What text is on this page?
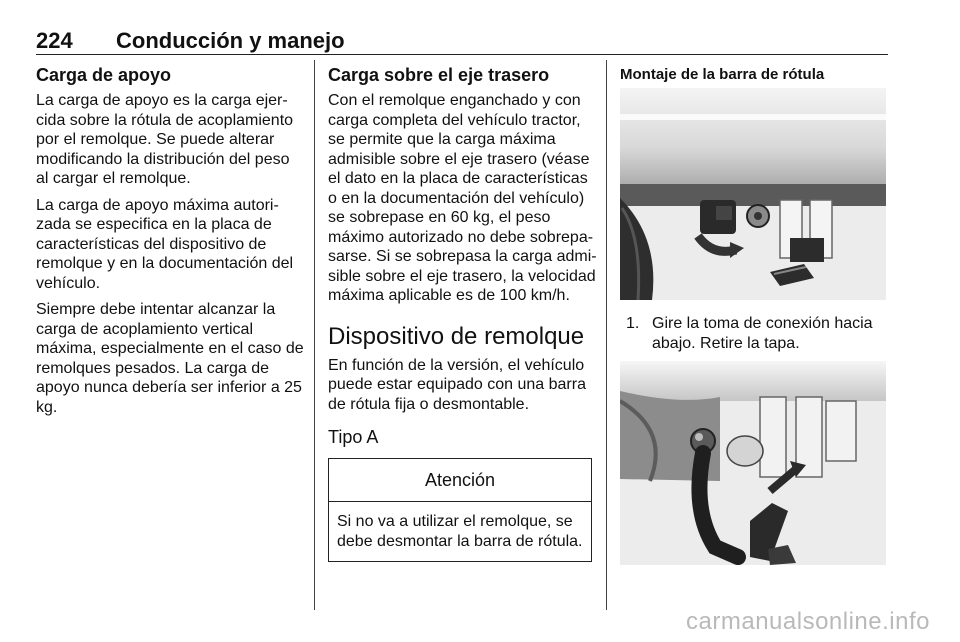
224 Conducción y manejo
Carga de apoyo

La carga de apoyo es la carga ejercida sobre la rótula de acoplamiento por el remolque. Se puede alterar modificando la distribución del peso al cargar el remolque.

La carga de apoyo máxima autorizada se especifica en la placa de características del dispositivo de remolque y en la documentación del vehículo.

Siempre debe intentar alcanzar la carga de acoplamiento vertical máxima, especialmente en el caso de remolques pesados. La carga de apoyo nunca debería ser inferior a 25 kg.

Carga sobre el eje trasero

Con el remolque enganchado y con carga completa del vehículo tractor, se permite que la carga máxima admisible sobre el eje trasero (véase el dato en la placa de características o en la documentación del vehículo) se sobrepase en 60 kg, el peso máximo autorizado no debe sobrepasarse. Si se sobrepasa la carga admisible sobre el eje trasero, la velocidad máxima aplicable es de 100 km/h.

Dispositivo de remolque

En función de la versión, el vehículo puede estar equipado con una barra de rótula fija o desmontable.

Tipo A
Atención
Si no va a utilizar el remolque, se debe desmontar la barra de rótula.
Montaje de la barra de rótula
1. Gire la toma de conexión hacia abajo. Retire la tapa.
carmanualsonline.info
